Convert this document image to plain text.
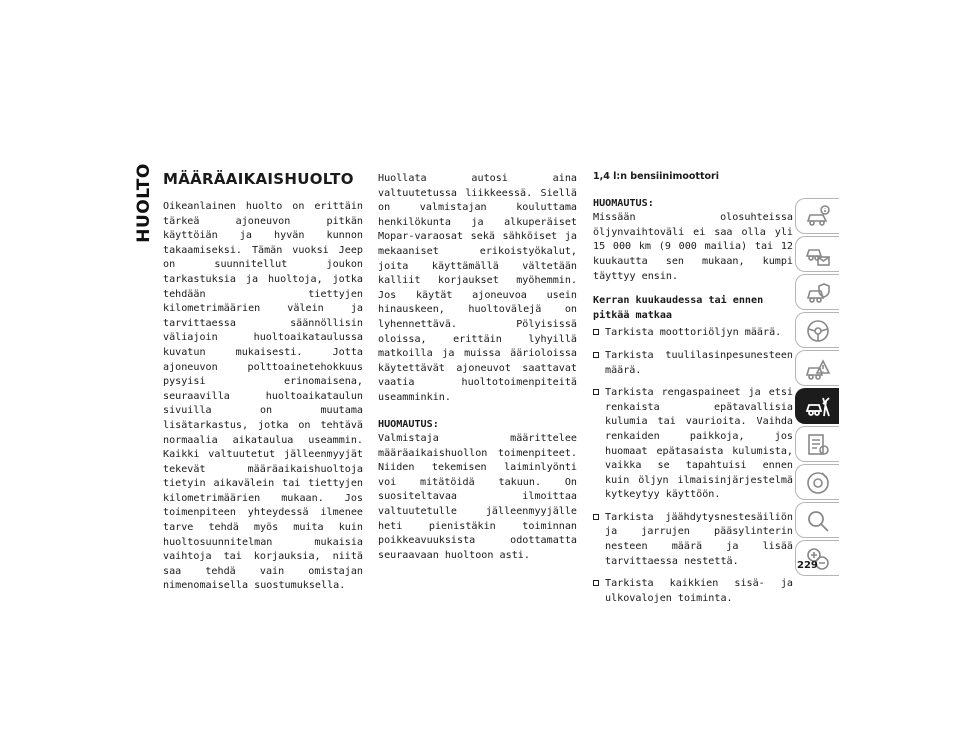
HUOLTO MÄÄRÄAIKAISHUOLTO

Oikeanlainen huolto on erittäin tärkeä ajoneuvon pitkän käyttöiän ja hyvän kunnon takaamiseksi. Tämän vuoksi Jeep on suunnitellut joukon tarkastuksia ja huoltoja, jotka tehdään tiettyjen kilometrimäärien välein ja tarvittaessa säännöllisin väliajoin huoltoaikataulussa kuvatun mukaisesti. Jotta ajoneuvon polttoainetehokkuus pysyisi erinomaisena, seuraavilla huoltoaikataulun sivuilla on muutama lisätarkastus, jotka on tehtävä normaalia aikataulua useammin. Kaikki valtuutetut jälleenmyyjät tekevät määräaikaishuoltoja tietyin aikavälein tai tiettyjen kilometrimäärien mukaan. Jos toimenpiteen yhteydessä ilmenee tarve tehdä myös muita kuin huoltosuunnitelman mukaisia vaihtoja tai korjauksia, niitä saa tehdä vain omistajan nimenomaisella suostumuksella.

Huollata autosi aina valtuutetussa liikkeessä. Siellä on valmistajan kouluttama henkilökunta ja alkuperäiset Mopar-varaosat sekä sähköiset ja mekaaniset erikoistyökalut, joita käyttämällä vältetään kalliit korjaukset myöhemmin. Jos käytät ajoneuvoa usein hinauskeen, huoltovälejä on lyhennettävä. Pölyisissä oloissa, erittäin lyhyillä matkoilla ja muissa äärioloissa käytettävät ajoneuvot saattavat vaatia huoltotoimenpiteitä useamminkin.

HUOMAUTUS:

Valmistaja määrittelee määräaikaishuollon toimenpiteet. Niiden tekemisen laiminlyönti voi mitätöidä takuun. On suositeltavaa ilmoittaa valtuutetulle jälleenmyyjälle heti pienistäkin toiminnan poikkeavuuksista odottamatta seuraavaan huoltoon asti.

1,4 l:n bensiinimoottori
HUOMAUTUS:

Missään olosuhteissa öljynvaihtoväli ei saa olla yli 15 000 km (9 000 mailia) tai 12 kuukautta sen mukaan, kumpi täyttyy ensin.

Kerran kuukaudessa tai ennen pitkää matkaa
Tarkista moottoriöljyn määrä.
Tarkista tuulilasinpesunesteen määrä.
Tarkista rengaspaineet ja etsi renkaista epätavallisia kulumia tai vaurioita. Vaihda renkaiden paikkoja, jos huomaat epätasaista kulumista, vaikka se tapahtuisi ennen kuin öljyn ilmaisinjärjestelmä kytkeytyy käyttöön.
Tarkista jäähdytysnestesäiliön ja jarrujen pääsylinterin nesteen määrä ja lisää tarvittaessa nestettä.
Tarkista kaikkien sisä- ja ulkovalojen toiminta.
229
